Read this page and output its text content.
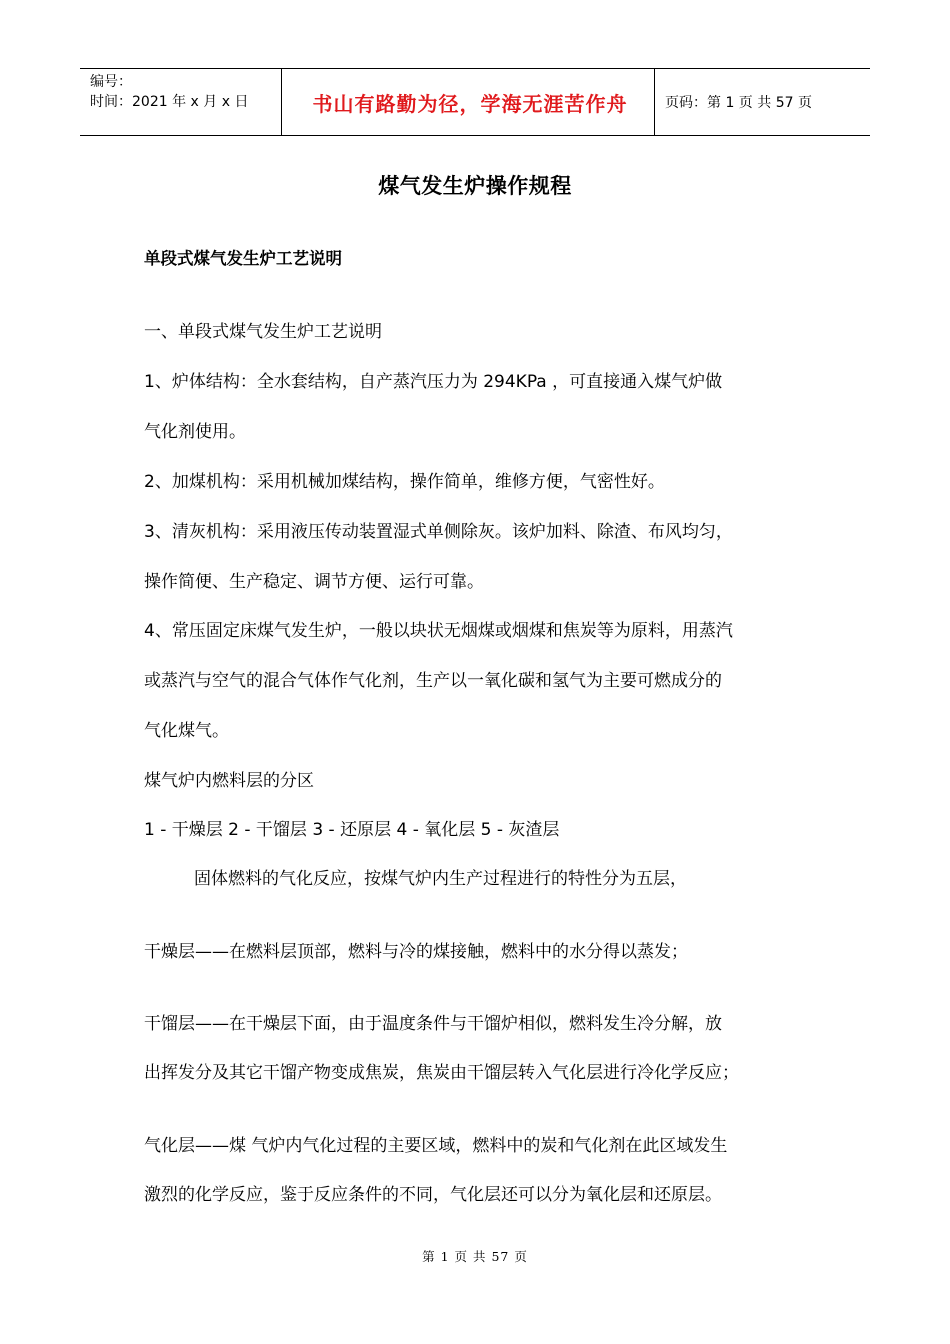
编号：
时间：2021 年 x 月 x 日	书山有路勤为径，学海无涯苦作舟	页码：第 1 页 共 57 页
煤气发生炉操作规程
单段式煤气发生炉工艺说明
一、单段式煤气发生炉工艺说明
1、炉体结构：全水套结构，自产蒸汽压力为 294KPa ，可直接通入煤气炉做
气化剂使用。
2、加煤机构：采用机械加煤结构，操作简单，维修方便，气密性好。
3、清灰机构：采用液压传动装置湿式单侧除灰。该炉加料、除渣、布风均匀，
操作简便、生产稳定、调节方便、运行可靠。
4、常压固定床煤气发生炉，一般以块状无烟煤或烟煤和焦炭等为原料，用蒸汽
或蒸汽与空气的混合气体作气化剂，生产以一氧化碳和氢气为主要可燃成分的
气化煤气。
煤气炉内燃料层的分区
1 - 干燥层 2 - 干馏层 3 - 还原层 4 - 氧化层 5 - 灰渣层
固体燃料的气化反应，按煤气炉内生产过程进行的特性分为五层，
干燥层——在燃料层顶部，燃料与冷的煤接触，燃料中的水分得以蒸发；
干馏层——在干燥层下面，由于温度条件与干馏炉相似，燃料发生冷分解，放
出挥发分及其它干馏产物变成焦炭，焦炭由干馏层转入气化层进行冷化学反应；
气化层——煤 气炉内气化过程的主要区域，燃料中的炭和气化剂在此区域发生
激烈的化学反应，鉴于反应条件的不同，气化层还可以分为氧化层和还原层。
第 1 页 共 57 页
